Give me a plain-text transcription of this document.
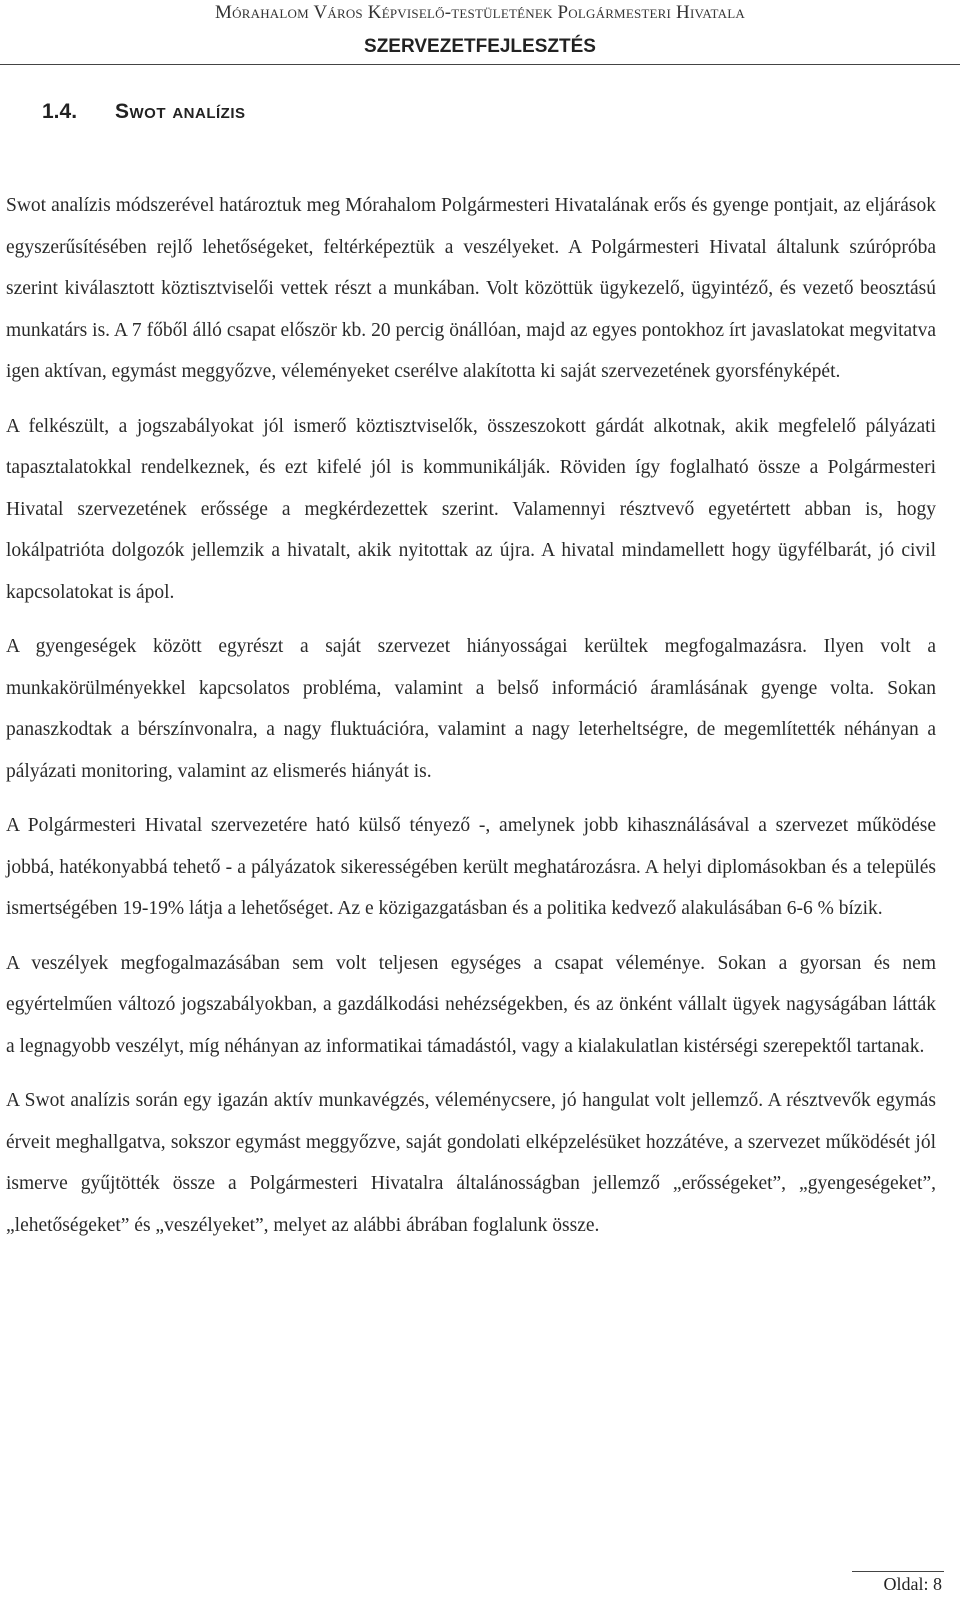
Mórahalom Város Képviselő-testületének Polgármesteri Hivatala
SZERVEZETFEJLESZTÉS
1.4. Swot analízis

Swot analízis módszerével határoztuk meg Mórahalom Polgármesteri Hivatalának erős és gyenge pontjait, az eljárások egyszerűsítésében rejlő lehetőségeket, feltérképeztük a veszélyeket. A Polgármesteri Hivatal általunk szúrópróba szerint kiválasztott köztisztviselői vettek részt a munkában. Volt közöttük ügykezelő, ügyintéző, és vezető beosztású munkatárs is. A 7 főből álló csapat először kb. 20 percig önállóan, majd az egyes pontokhoz írt javaslatokat megvitatva igen aktívan, egymást meggyőzve, véleményeket cserélve alakította ki saját szervezetének gyorsfényképét.

A felkészült, a jogszabályokat jól ismerő köztisztviselők, összeszokott gárdát alkotnak, akik megfelelő pályázati tapasztalatokkal rendelkeznek, és ezt kifelé jól is kommunikálják. Röviden így foglalható össze a Polgármesteri Hivatal szervezetének erőssége a megkérdezettek szerint. Valamennyi résztvevő egyetértett abban is, hogy lokálpatrióta dolgozók jellemzik a hivatalt, akik nyitottak az újra. A hivatal mindamellett hogy ügyfélbarát, jó civil kapcsolatokat is ápol.

A gyengeségek között egyrészt a saját szervezet hiányosságai kerültek megfogalmazásra. Ilyen volt a munkakörülményekkel kapcsolatos probléma, valamint a belső információ áramlásának gyenge volta. Sokan panaszkodtak a bérszínvonalra, a nagy fluktuációra, valamint a nagy leterheltségre, de megemlítették néhányan a pályázati monitoring, valamint az elismerés hiányát is.

A Polgármesteri Hivatal szervezetére ható külső tényező -, amelynek jobb kihasználásával a szervezet működése jobbá, hatékonyabbá tehető - a pályázatok sikerességében került meghatározásra. A helyi diplomásokban és a település ismertségében 19-19% látja a lehetőséget. Az e közigazgatásban és a politika kedvező alakulásában 6-6 % bízik.

A veszélyek megfogalmazásában sem volt teljesen egységes a csapat véleménye. Sokan a gyorsan és nem egyértelműen változó jogszabályokban, a gazdálkodási nehézségekben, és az önként vállalt ügyek nagyságában látták a legnagyobb veszélyt, míg néhányan az informatikai támadástól, vagy a kialakulatlan kistérségi szerepektől tartanak.

A Swot analízis során egy igazán aktív munkavégzés, véleménycsere, jó hangulat volt jellemző. A résztvevők egymás érveit meghallgatva, sokszor egymást meggyőzve, saját gondolati elképzelésüket hozzátéve, a szervezet működését jól ismerve gyűjtötték össze a Polgármesteri Hivatalra általánosságban jellemző „erősségeket”, „gyengeségeket”, „lehetőségeket” és „veszélyeket”, melyet az alábbi ábrában foglalunk össze.

Oldal: 8
